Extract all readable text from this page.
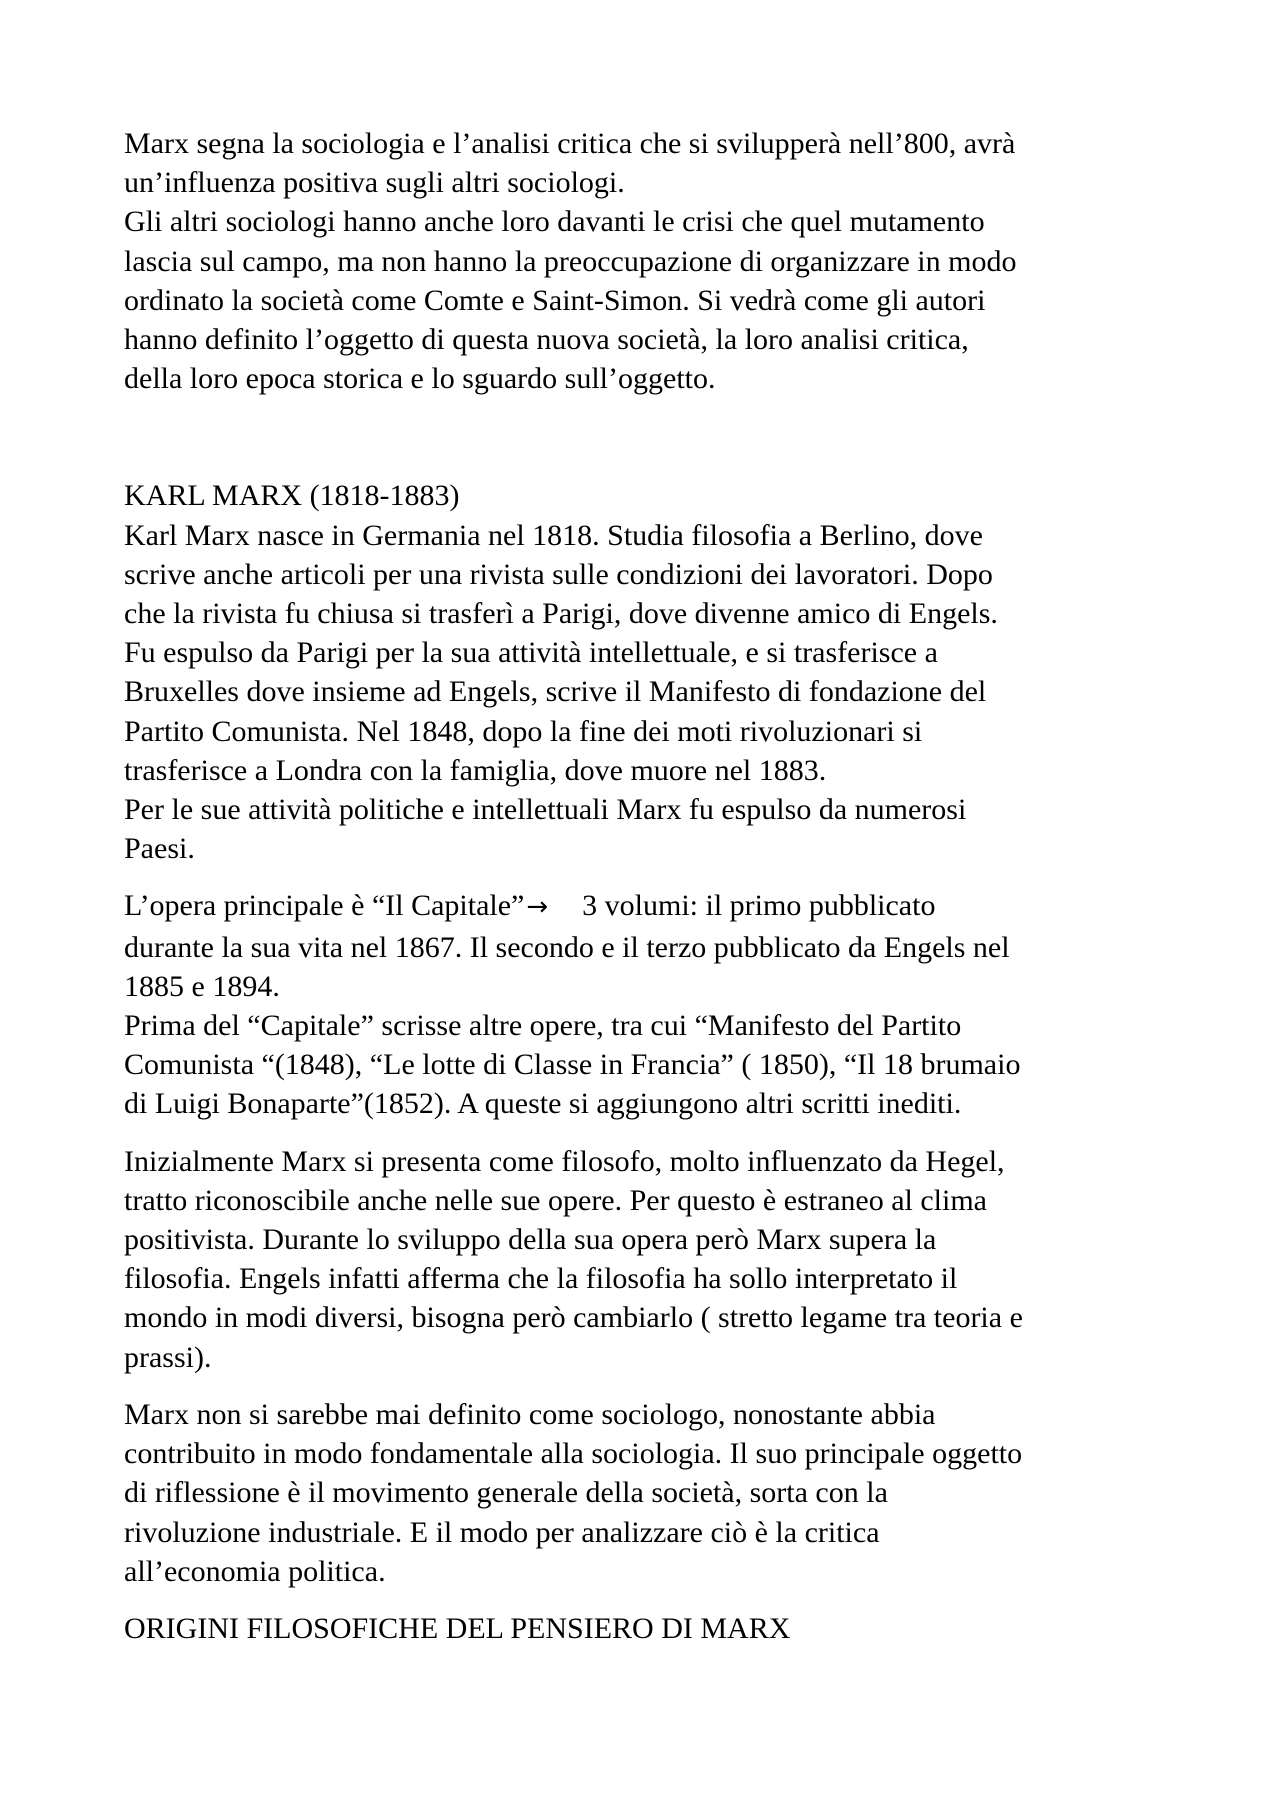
Marx segna la sociologia e l’analisi critica che si svilupperà nell’800, avrà
un’influenza positiva sugli altri sociologi.
Gli altri sociologi hanno anche loro davanti le crisi che quel mutamento
lascia sul campo, ma non hanno la preoccupazione di organizzare in modo
ordinato la società come Comte e Saint-Simon. Si vedrà come gli autori
hanno definito l’oggetto di questa nuova società, la loro analisi critica,
della loro epoca storica e lo sguardo sull’oggetto.
KARL MARX (1818-1883)
Karl Marx nasce in Germania nel 1818. Studia filosofia a Berlino, dove
scrive anche articoli per una rivista sulle condizioni dei lavoratori. Dopo
che la rivista fu chiusa si trasferì a Parigi, dove divenne amico di Engels.
Fu espulso da Parigi per la sua attività intellettuale, e si trasferisce a
Bruxelles dove insieme ad Engels, scrive il Manifesto di fondazione del
Partito Comunista. Nel 1848, dopo la fine dei moti rivoluzionari si
trasferisce a Londra con la famiglia, dove muore nel 1883.
Per le sue attività politiche e intellettuali Marx fu espulso da numerosi
Paesi.
L’opera principale è “Il Capitale”→ 3 volumi: il primo pubblicato
durante la sua vita nel 1867. Il secondo e il terzo pubblicato da Engels nel
1885 e 1894.
Prima del “Capitale” scrisse altre opere, tra cui “Manifesto del Partito
Comunista “(1848), “Le lotte di Classe in Francia” ( 1850), “Il 18 brumaio
di Luigi Bonaparte”(1852). A queste si aggiungono altri scritti inediti.
Inizialmente Marx si presenta come filosofo, molto influenzato da Hegel,
tratto riconoscibile anche nelle sue opere. Per questo è estraneo al clima
positivista. Durante lo sviluppo della sua opera però Marx supera la
filosofia. Engels infatti afferma che la filosofia ha sollo interpretato il
mondo in modi diversi, bisogna però cambiarlo ( stretto legame tra teoria e
prassi).
Marx non si sarebbe mai definito come sociologo, nonostante abbia
contribuito in modo fondamentale alla sociologia. Il suo principale oggetto
di riflessione è il movimento generale della società, sorta con la
rivoluzione industriale. E il modo per analizzare ciò è la critica
all’economia politica.
ORIGINI FILOSOFICHE DEL PENSIERO DI MARX
